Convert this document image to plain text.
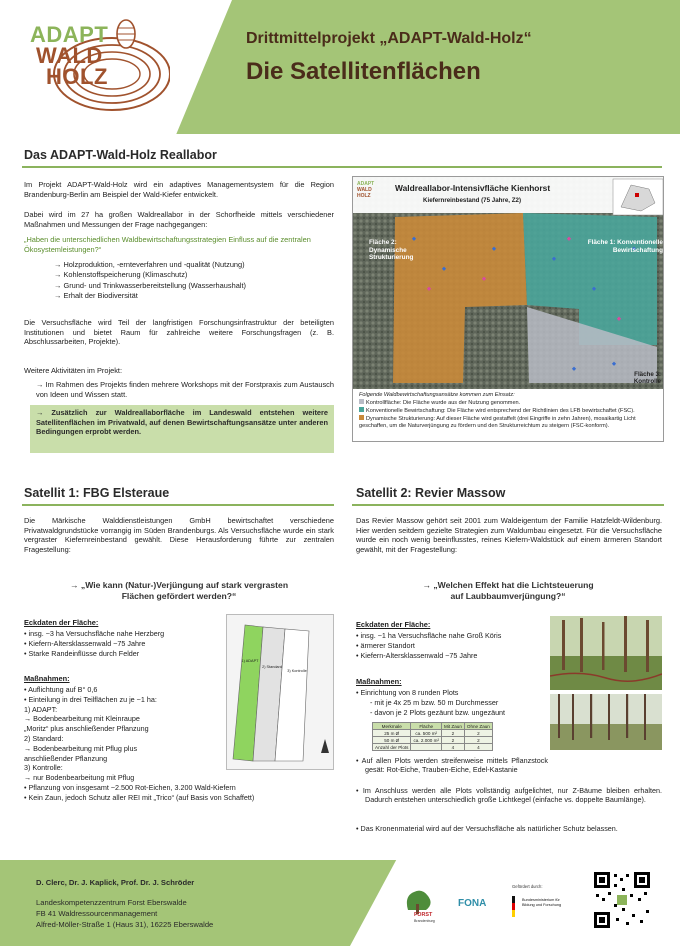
ADAPT
WALD
HOLZ
Drittmittelprojekt „ADAPT-Wald-Holz“
Die Satellitenflächen
Das ADAPT-Wald-Holz Reallabor
Im Projekt ADAPT-Wald-Holz wird ein adaptives Managementsystem für die Region Brandenburg-Berlin am Beispiel der Wald-Kiefer entwickelt.
Dabei wird im 27 ha großen Waldreallabor in der Schorfheide mittels verschiedener Maßnahmen und Messungen der Frage nachgegangen:
„Haben die unterschiedlichen Waldbewirtschaftungsstrategien Einfluss auf die zentralen Ökosystemleistungen?“
→ Holzproduktion, -ernteverfahren und -qualität (Nutzung)
→ Kohlenstoffspeicherung (Klimaschutz)
→ Grund- und Trinkwasserbereitstellung (Wasserhaushalt)
→ Erhalt der Biodiversität
Die Versuchsfläche wird Teil der langfristigen Forschungsinfrastruktur der beteiligten Institutionen und bietet Raum für zahlreiche weitere Forschungsfragen (z. B. Abschlussarbeiten, Projekte).
Weitere Aktivitäten im Projekt:
→ Im Rahmen des Projekts finden mehrere Workshops mit der Forstpraxis zum Austausch von Ideen und Wissen statt.
→ Zusätzlich zur Waldreallaborfläche im Landeswald entstehen weitere Satellitenflächen im Privatwald, auf denen Bewirtschaftungsansätze unter anderen Bedingungen erprobt werden.
ADAPT
WALD
HOLZ
Waldreallabor-Intensivfläche Kienhorst
Kiefernreinbestand (75 Jahre, Z2)
Fläche 2: Dynamische Strukturierung
Fläche 1: Konventionelle Bewirtschaftung
Fläche 3: Kontrolle
Folgende Waldbewirtschaftungsansätze kommen zum Einsatz:
Kontrollfläche: Die Fläche wurde aus der Nutzung genommen.
Konventionelle Bewirtschaftung: Die Fläche wird entsprechend der Richtlinien des LFB bewirtschaftet (FSC).
Dynamische Strukturierung: Auf dieser Fläche wird gestaffelt (drei Eingriffe in zehn Jahren), mosaikartig Licht geschaffen, um die Naturverjüngung zu fördern und den Strukturreichtum zu steigern (FSC-konform).
Satellit 1: FBG Elsteraue
Die Märkische Walddienstleistungen GmbH bewirtschaftet verschiedene Privatwaldgrundstücke vorrangig im Süden Brandenburgs. Als Versuchsfläche wurde ein stark vergraster Kiefernreinbestand gewählt. Diese Herausforderung führte zur zentralen Fragestellung:
→ „Wie kann (Natur-)Verjüngung auf stark vergrasten
Flächen gefördert werden?“
Eckdaten der Fläche:
• insg. ~3 ha Versuchsfläche nahe Herzberg
• Kiefern-Altersklassenwald ~75 Jahre
• Starke Randeinflüsse durch Felder
Maßnahmen:
• Auflichtung auf B° 0,6
• Einteilung in drei Teilflächen zu je ~1 ha:
1) ADAPT:
→ Bodenbearbeitung mit Kleinraupe
„Moritz“ plus anschließender Pflanzung
2) Standard:
→ Bodenbearbeitung mit Pflug plus
anschließender Pflanzung
3) Kontrolle:
→ nur Bodenbearbeitung mit Pflug
• Pflanzung von insgesamt ~2.500 Rot-Eichen, 3.200 Wald-Kiefern
• Kein Zaun, jedoch Schutz aller REI mit „Trico“ (auf Basis von Schaffett)
1) ADAPT
2) Standard
3) Kontrolle
Satellit 2: Revier Massow
Das Revier Massow gehört seit 2001 zum Waldeigentum der Familie Hatzfeldt-Wildenburg. Hier werden seitdem gezielte Strategien zum Waldumbau eingesetzt. Für die Versuchsfläche wurde ein noch wenig beeinflusstes, reines Kiefern-Waldstück auf einem ärmeren Standort gewählt, mit der Fragestellung:
→ „Welchen Effekt hat die Lichtsteuerung
auf Laubbaumverjüngung?“
Eckdaten der Fläche:
• insg. ~1 ha Versuchsfläche nahe Groß Köris
• ärmerer Standort
• Kiefern-Altersklassenwald ~75 Jahre
Maßnahmen:
• Einrichtung von 8 runden Plots
- mit je 4x 25 m bzw. 50 m Durchmesser
- davon je 2 Plots gezäunt bzw. ungezäunt
Merkmale	Fläche	Mit Zaun	Ohne Zaun
25 m Ø	ca. 500 m²	2	2
50 m Ø	ca. 2.000 m²	2	2
Anzahl der Plots		4	4
• Auf allen Plots werden streifenweise mittels Pflanzstock gesät: Rot-Eiche, Trauben-Eiche, Edel-Kastanie
• Im Anschluss werden alle Plots vollständig aufgelichtet, nur Z-Bäume bleiben erhalten. Dadurch entstehen unterschiedlich große Lichtkegel (einfache vs. doppelte Baumlänge).
• Das Kronenmaterial wird auf der Versuchsfläche als natürlicher Schutz belassen.
D. Clerc, Dr. J. Kaplick, Prof. Dr. J. Schröder
Landeskompetenzzentrum Forst Eberswalde
FB 41 Waldressourcenmanagement
Alfred-Möller-Straße 1 (Haus 31), 16225 Eberswalde
FORST
Brandenburg
FONA
Gefördert durch:
Bundesministerium für Bildung und Forschung
